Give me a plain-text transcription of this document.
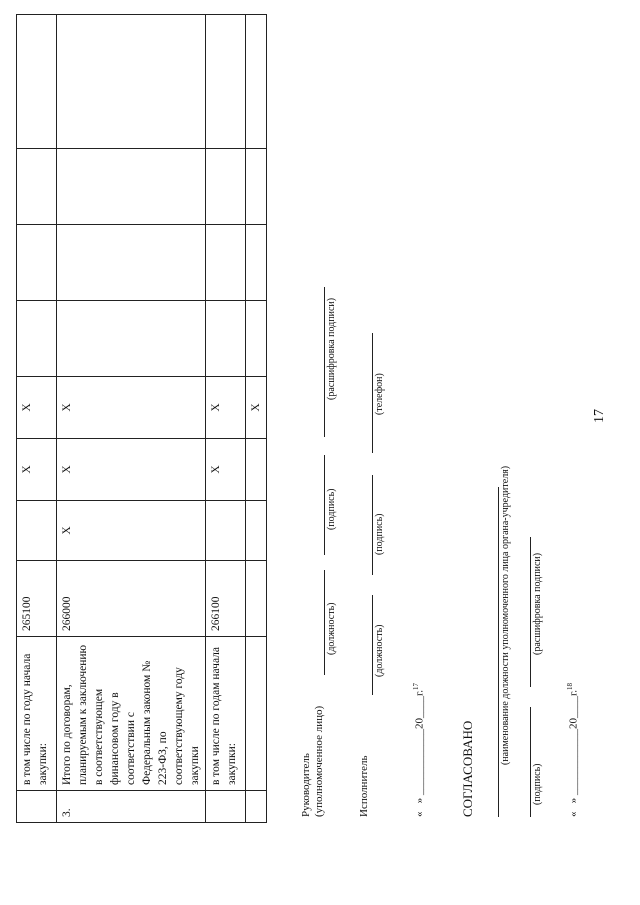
17
	в том числе по году начала закупки:	265100		X	X				
3.	Итого по договорам, планируемым к заключению в соответствующем финансовом году в соответствии с Федеральным законом № 223-ФЗ, по соответствующему году закупки	266000	X	X	X				
	в том числе по годам начала закупки:	266100		X	X				
					X				
Руководитель (уполномоченное лицо)
(должность)
(подпись)
(расшифровка подписи)
Исполнитель
(должность)
(подпись)
(телефон)
«   » ____________20____г.$^{17}$
СОГЛАСОВАНО
(наименование должности уполномоченного лица органа-учредителя)
(подпись)
(расшифровка подписи)
«   » ____________20____г.$^{18}$
